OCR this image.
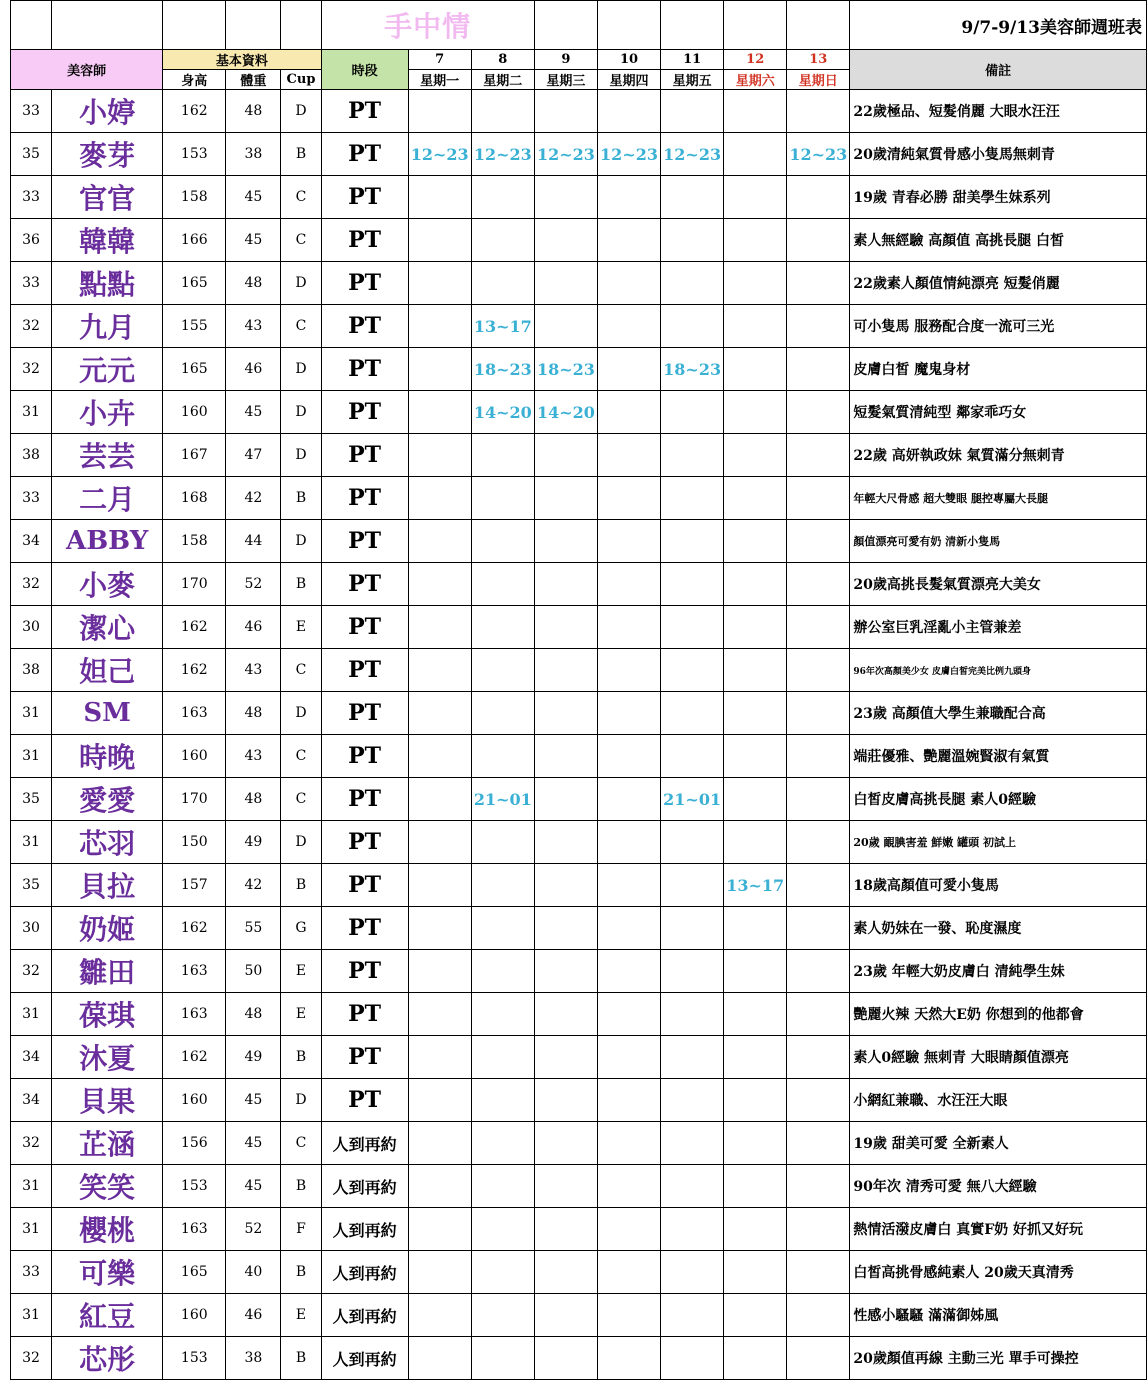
					手中情								9/7-9/13美容師週班表
美容師		基本資料			時段	7	8	9	10	11	12	13	備註
		身高	體重	Cup		星期一	星期二	星期三	星期四	星期五	星期六	星期日	
33	小婷	162	48	D	PT								22歲極品、短髮俏麗 大眼水汪汪
35	麥芽	153	38	B	PT	12~23	12~23	12~23	12~23	12~23		12~23	20歲清純氣質骨感小隻馬無刺青
33	官官	158	45	C	PT								19歲 青春必勝 甜美學生妹系列
36	韓韓	166	45	C	PT								素人無經驗 高顏值 高挑長腿 白皙
33	點點	165	48	D	PT								22歲素人顏值情純漂亮 短髮俏麗
32	九月	155	43	C	PT		13~17						可小隻馬 服務配合度一流可三光
32	元元	165	46	D	PT		18~23	18~23		18~23			皮膚白皙 魔鬼身材
31	小卉	160	45	D	PT		14~20	14~20					短髮氣質清純型 鄰家乖巧女
38	芸芸	167	47	D	PT								22歲 高妍執政妹 氣質滿分無刺青
33	二月	168	42	B	PT								年輕大尺骨感 超大雙眼 腿控專屬大長腿
34	ABBY	158	44	D	PT								顏值漂亮可愛有奶 清新小隻馬
32	小麥	170	52	B	PT								20歲高挑長髮氣質漂亮大美女
30	潔心	162	46	E	PT								辦公室巨乳淫亂小主管兼差
38	妲己	162	43	C	PT								96年次高顏美少女 皮膚白皙完美比例九頭身
31	SM	163	48	D	PT								23歲 高顏值大學生兼職配合高
31	時晚	160	43	C	PT								端莊優雅、艷麗溫婉賢淑有氣質
35	愛愛	170	48	C	PT		21~01			21~01			白皙皮膚高挑長腿 素人0經驗
31	芯羽	150	49	D	PT								20歲 靦腆害羞 鮮嫩 罐頭 初試上
35	貝拉	157	42	B	PT						13~17		18歲高顏值可愛小隻馬
30	奶姬	162	55	G	PT								素人奶妹在一發、恥度濕度
32	雛田	163	50	E	PT								23歲 年輕大奶皮膚白 清純學生妹
31	葆琪	163	48	E	PT								艷麗火辣 天然大E奶 你想到的他都會
34	沐夏	162	49	B	PT								素人0經驗 無刺青 大眼睛顏值漂亮
34	貝果	160	45	D	PT								小網紅兼職、水汪汪大眼
32	芷涵	156	45	C	人到再約								19歲 甜美可愛 全新素人
31	笑笑	153	45	B	人到再約								90年次 清秀可愛 無八大經驗
31	櫻桃	163	52	F	人到再約								熱情活潑皮膚白 真實F奶 好抓又好玩
33	可樂	165	40	B	人到再約								白皙高挑骨感純素人 20歲天真清秀
31	紅豆	160	46	E	人到再約								性感小騷騷 滿滿御姊風
32	芯彤	153	38	B	人到再約								20歲顏值再線 主動三光 單手可操控
